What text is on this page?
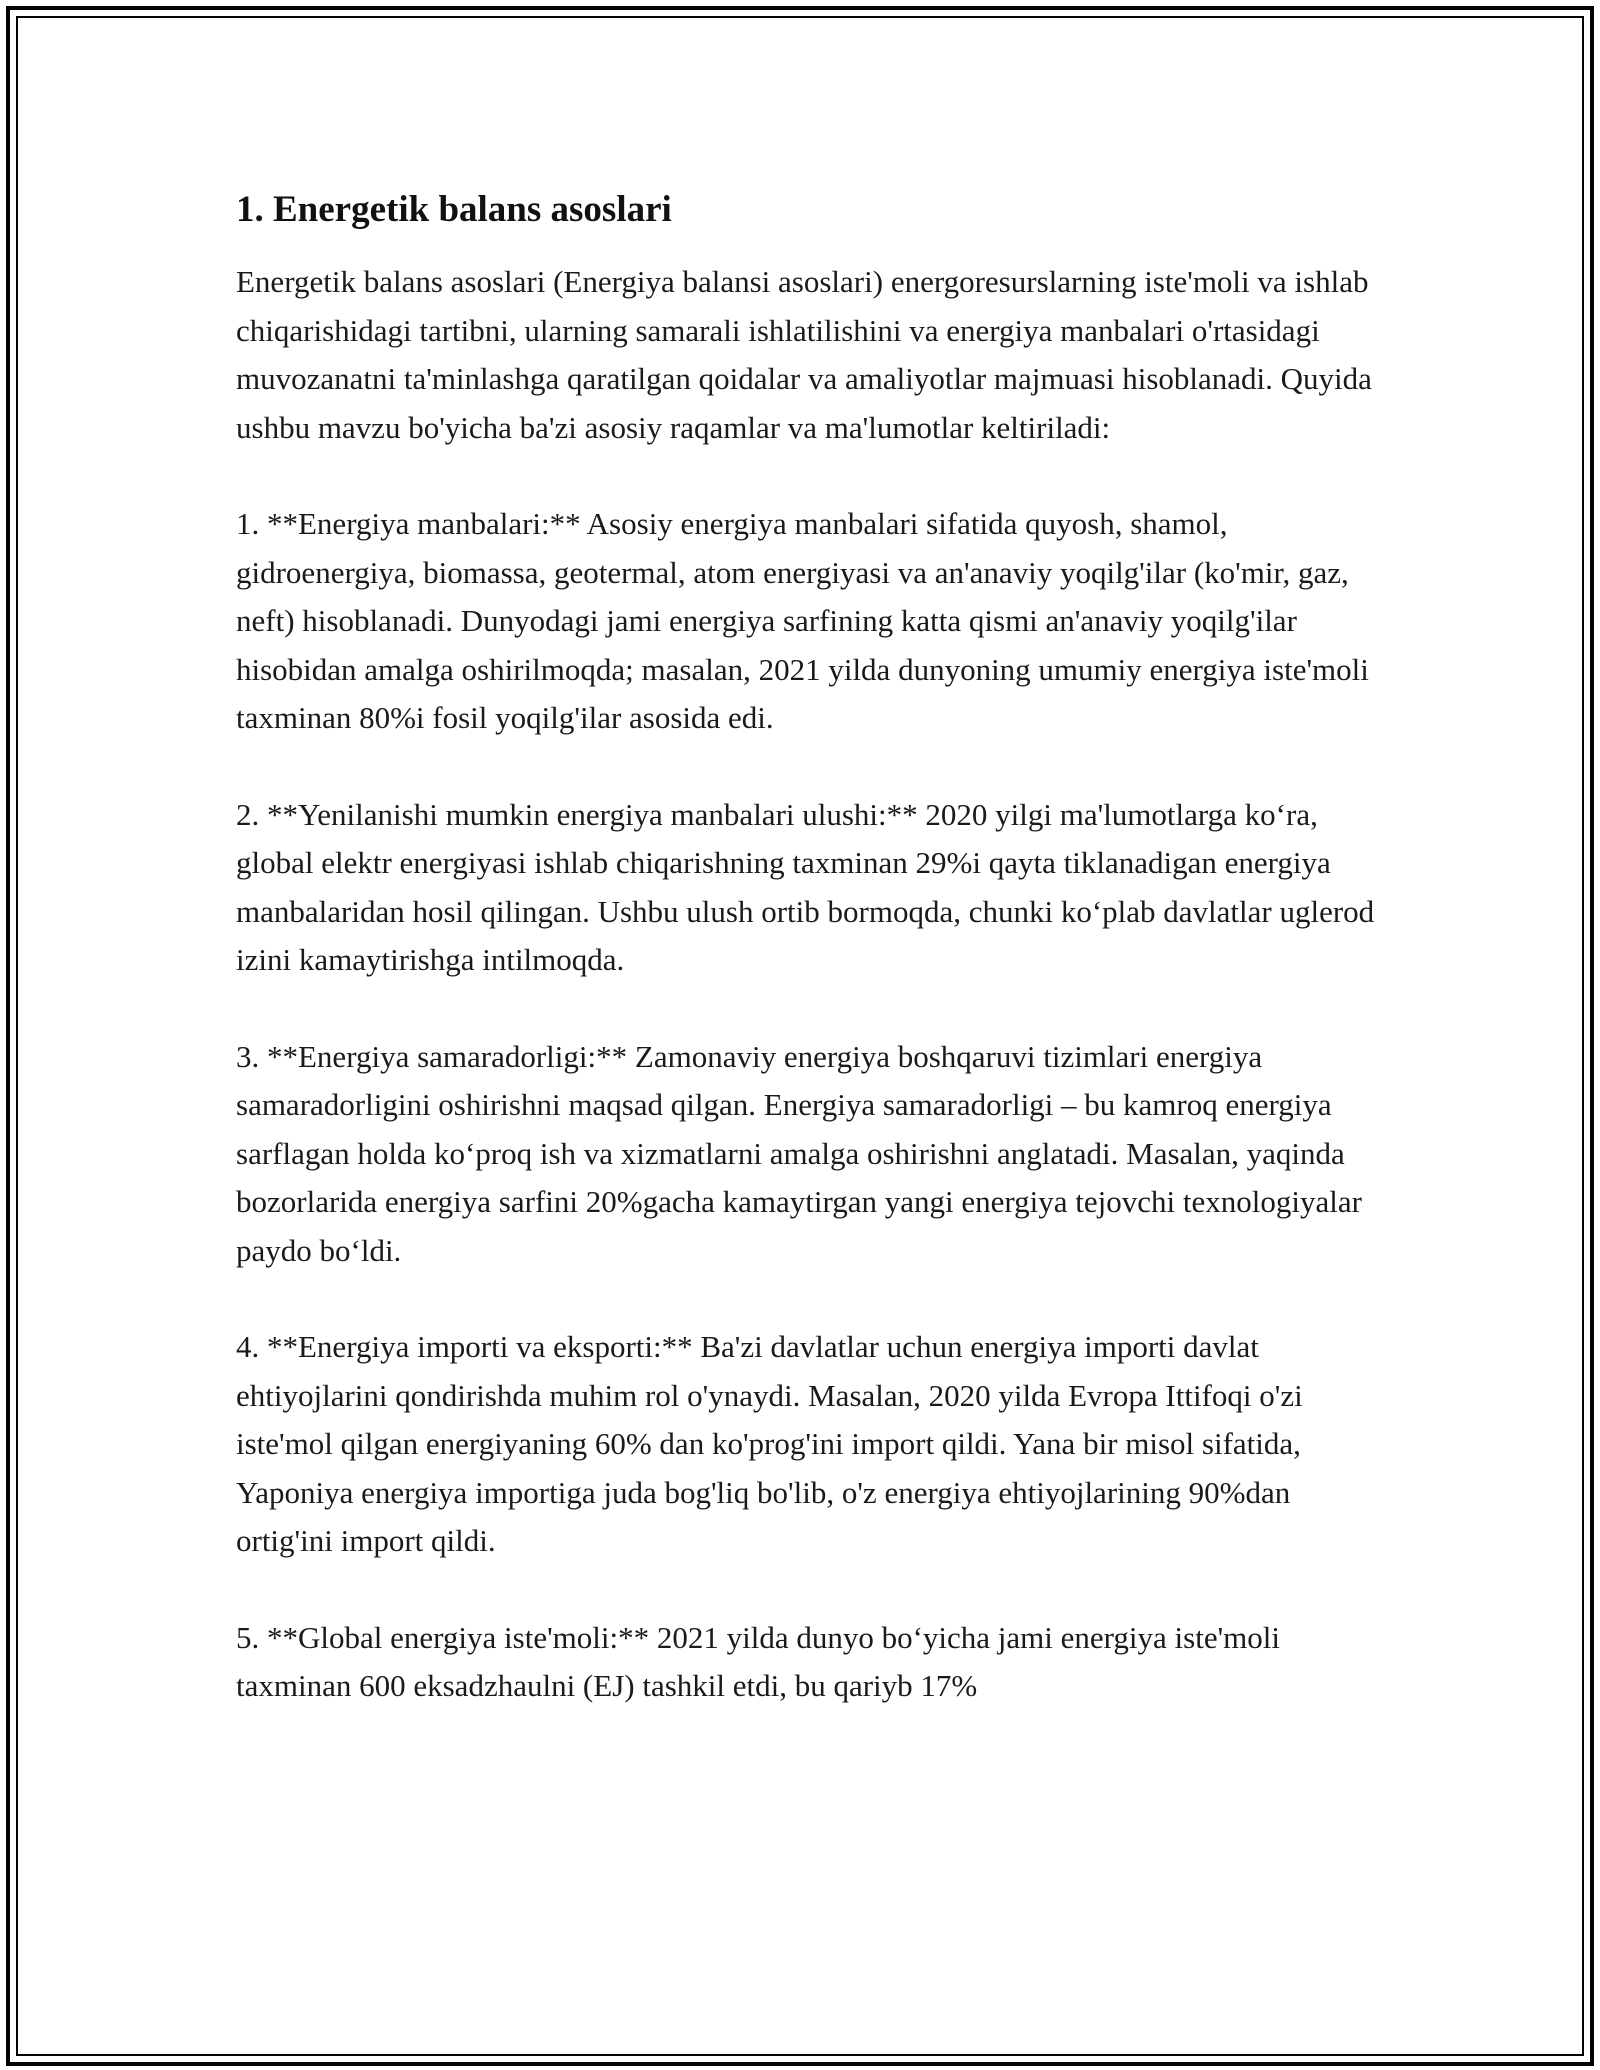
1. Energetik balans asoslari

Energetik balans asoslari (Energiya balansi asoslari) energoresurslarning iste'moli va ishlab chiqarishidagi tartibni, ularning samarali ishlatilishini va energiya manbalari o'rtasidagi muvozanatni ta'minlashga qaratilgan qoidalar va amaliyotlar majmuasi hisoblanadi. Quyida ushbu mavzu bo'yicha ba'zi asosiy raqamlar va ma'lumotlar keltiriladi:

1. **Energiya manbalari:** Asosiy energiya manbalari sifatida quyosh, shamol, gidroenergiya, biomassa, geotermal, atom energiyasi va an'anaviy yoqilg'ilar (ko'mir, gaz, neft) hisoblanadi. Dunyodagi jami energiya sarfining katta qismi an'anaviy yoqilg'ilar hisobidan amalga oshirilmoqda; masalan, 2021 yilda dunyoning umumiy energiya iste'moli taxminan 80%i fosil yoqilg'ilar asosida edi.

2. **Yenilanishi mumkin energiya manbalari ulushi:** 2020 yilgi ma'lumotlarga ko‘ra, global elektr energiyasi ishlab chiqarishning taxminan 29%i qayta tiklanadigan energiya manbalaridan hosil qilingan. Ushbu ulush ortib bormoqda, chunki ko‘plab davlatlar uglerod izini kamaytirishga intilmoqda.

3. **Energiya samaradorligi:** Zamonaviy energiya boshqaruvi tizimlari energiya samaradorligini oshirishni maqsad qilgan. Energiya samaradorligi – bu kamroq energiya sarflagan holda ko‘proq ish va xizmatlarni amalga oshirishni anglatadi. Masalan, yaqinda bozorlarida energiya sarfini 20%gacha kamaytirgan yangi energiya tejovchi texnologiyalar paydo bo‘ldi.

4. **Energiya importi va eksporti:** Ba'zi davlatlar uchun energiya importi davlat ehtiyojlarini qondirishda muhim rol o'ynaydi. Masalan, 2020 yilda Evropa Ittifoqi o'zi iste'mol qilgan energiyaning 60% dan ko'prog'ini import qildi. Yana bir misol sifatida, Yaponiya energiya importiga juda bog'liq bo'lib, o'z energiya ehtiyojlarining 90%dan ortig'ini import qildi.

5. **Global energiya iste'moli:** 2021 yilda dunyo bo‘yicha jami energiya iste'moli taxminan 600 eksadzhaulni (EJ) tashkil etdi, bu qariyb 17%
